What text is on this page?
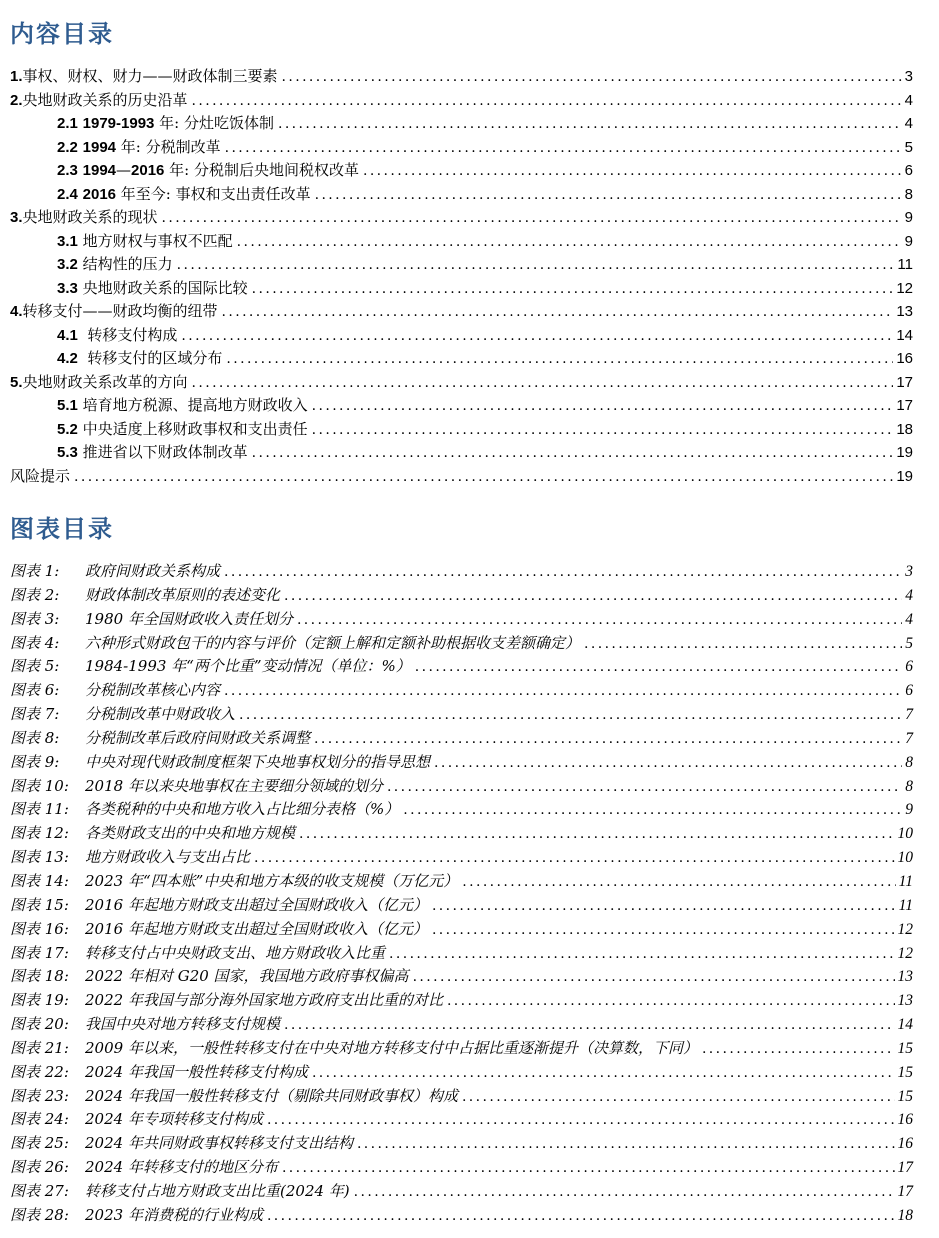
内容目录
1.事权、财权、财力——财政体制三要素 .....	3
2.央地财政关系的历史沿革 .....	4
2.1 1979-1993 年: 分灶吃饭体制 .....	4
2.2 1994 年: 分税制改革 .....	5
2.3 1994—2016 年: 分税制后央地间税权改革 .....	6
2.4 2016 年至今: 事权和支出责任改革 .....	8
3.央地财政关系的现状 .....	9
3.1 地方财权与事权不匹配 .....	9
3.2 结构性的压力 .....	11
3.3 央地财政关系的国际比较 .....	12
4.转移支付——财政均衡的纽带 .....	13
4.1  转移支付构成 .....	14
4.2  转移支付的区域分布 .....	16
5.央地财政关系改革的方向 .....	17
5.1 培育地方税源、提高地方财政收入 .....	17
5.2 中央适度上移财政事权和支出责任 .....	18
5.3 推进省以下财政体制改革 .....	19
风险提示 .....	19
图表目录
图表 1:	政府间财政关系构成 .....	3
图表 2:	财政体制改革原则的表述变化 .....	4
图表 3:	1980 年全国财政收入责任划分 .....	4
图表 4:	六种形式财政包干的内容与评价（定额上解和定额补助根据收支差额确定） .....	5
图表 5:	1984-1993 年“两个比重”变动情况（单位：%） .....	6
图表 6:	分税制改革核心内容 .....	6
图表 7:	分税制改革中财政收入 .....	7
图表 8:	分税制改革后政府间财政关系调整 .....	7
图表 9:	中央对现代财政制度框架下央地事权划分的指导思想 .....	8
图表 10:	2018 年以来央地事权在主要细分领域的划分 .....	8
图表 11:	各类税种的中央和地方收入占比细分表格（%） .....	9
图表 12:	各类财政支出的中央和地方规模 .....	10
图表 13:	地方财政收入与支出占比 .....	10
图表 14:	2023 年“四本账”中央和地方本级的收支规模（万亿元） .....	11
图表 15:	2016 年起地方财政支出超过全国财政收入（亿元） .....	11
图表 16:	2016 年起地方财政支出超过全国财政收入（亿元） .....	12
图表 17:	转移支付占中央财政支出、地方财政收入比重 .....	12
图表 18:	2022 年相对 G20 国家，我国地方政府事权偏高 .....	13
图表 19:	2022 年我国与部分海外国家地方政府支出比重的对比 .....	13
图表 20:	我国中央对地方转移支付规模 .....	14
图表 21:	2009 年以来，一般性转移支付在中央对地方转移支付中占据比重逐渐提升（决算数，下同） .....	15
图表 22:	2024 年我国一般性转移支付构成 .....	15
图表 23:	2024 年我国一般性转移支付（剔除共同财政事权）构成 .....	15
图表 24:	2024 年专项转移支付构成 .....	16
图表 25:	2024 年共同财政事权转移支付支出结构 .....	16
图表 26:	2024 年转移支付的地区分布 .....	17
图表 27:	转移支付占地方财政支出比重(2024 年) .....	17
图表 28:	2023 年消费税的行业构成 .....	18
